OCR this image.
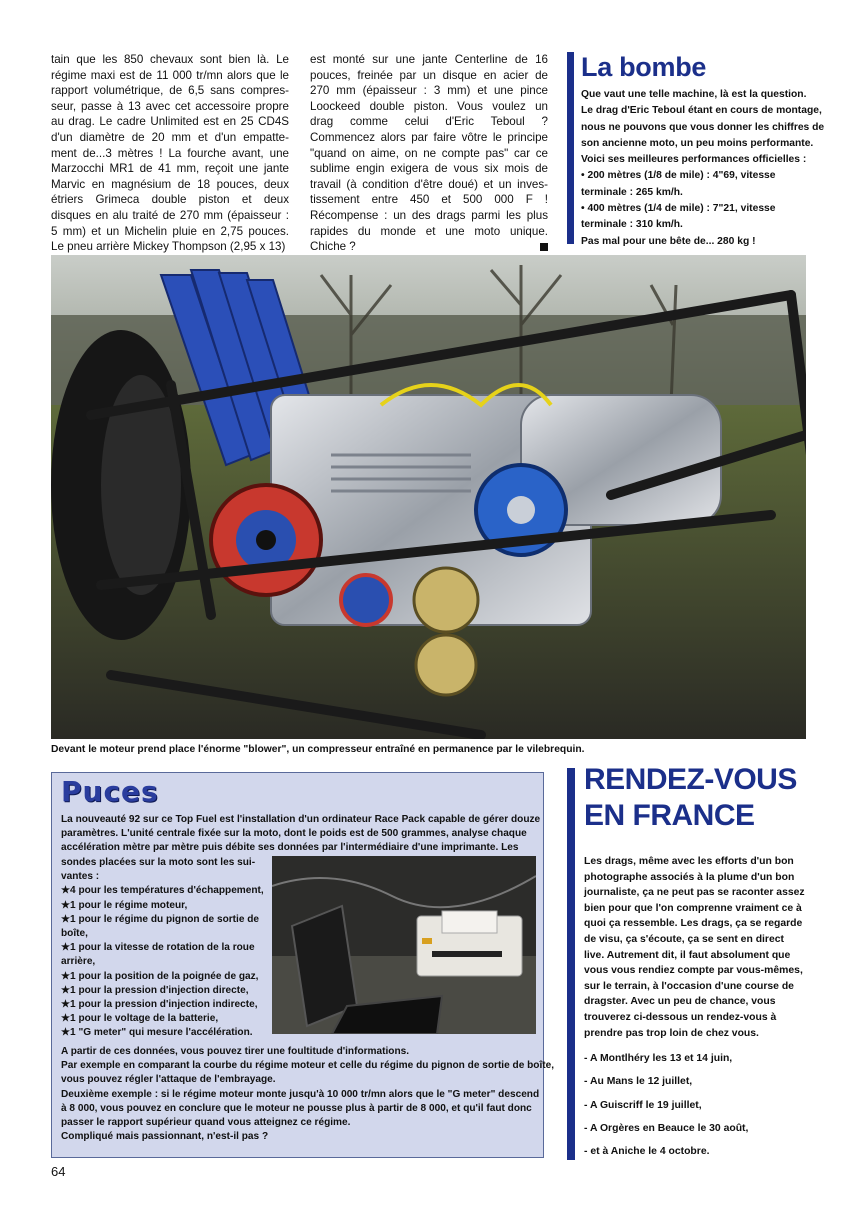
tain que les 850 chevaux sont bien là. Le
régime maxi est de 11 000 tr/mn alors que le
rapport volumétrique, de 6,5 sans compres-
seur, passe à 13 avec cet accessoire propre
au drag. Le cadre Unlimited est en 25 CD4S
d'un diamètre de 20 mm et d'un empatte-
ment de...3 mètres ! La fourche avant, une
Marzocchi MR1 de 41 mm, reçoit une jante
Marvic en magnésium de 18 pouces, deux
étriers Grimeca double piston et deux
disques en alu traité de 270 mm (épaisseur :
5 mm) et un Michelin pluie en 2,75 pouces.
Le pneu arrière Mickey Thompson (2,95 x 13)
est monté sur une jante Centerline de 16
pouces, freinée par un disque en acier de
270 mm (épaisseur : 3 mm) et une pince
Loockeed double piston. Vous voulez un
drag comme celui d'Eric Teboul ?
Commencez alors par faire vôtre le principe
"quand on aime, on ne compte pas" car ce
sublime engin exigera de vous six mois de
travail (à condition d'être doué) et un inves-
tissement entre 450 et 500 000 F !
Récompense : un des drags parmi les plus
rapides du monde et une moto unique.
Chiche ?
La bombe
Que vaut une telle machine, là est la question.
Le drag d'Eric Teboul étant en cours de montage,
nous ne pouvons que vous donner les chiffres de
son ancienne moto, un peu moins performante.
Voici ses meilleures performances officielles :
• 200 mètres (1/8 de mile) : 4"69, vitesse
terminale : 265 km/h.
• 400 mètres (1/4 de mile) : 7"21, vitesse
terminale : 310 km/h.
Pas mal pour une bête de... 280 kg !
Devant le moteur prend place l'énorme "blower", un compresseur entraîné en permanence par le vilebrequin.
Puces
La nouveauté 92 sur ce Top Fuel est l'installation d'un ordinateur Race Pack capable de gérer douze
paramètres. L'unité centrale fixée sur la moto, dont le poids est de 500 grammes, analyse chaque
accélération mètre par mètre puis débite ses données par l'intermédiaire d'une imprimante. Les
sondes placées sur la moto sont les sui-
vantes :
★4 pour les températures d'échappement,
★1 pour le régime moteur,
★1 pour le régime du pignon de sortie de
boîte,
★1 pour la vitesse de rotation de la roue
arrière,
★1 pour la position de la poignée de gaz,
★1 pour la pression d'injection directe,
★1 pour la pression d'injection indirecte,
★1 pour le voltage de la batterie,
★1 "G meter" qui mesure l'accélération.
A partir de ces données, vous pouvez tirer une foultitude d'informations.
Par exemple en comparant la courbe du régime moteur et celle du régime du pignon de sortie de boîte,
vous pouvez régler l'attaque de l'embrayage.
Deuxième exemple : si le régime moteur monte jusqu'à 10 000 tr/mn alors que le "G meter" descend
à 8 000, vous pouvez en conclure que le moteur ne pousse plus à partir de 8 000, et qu'il faut donc
passer le rapport supérieur quand vous atteignez ce régime.
Compliqué mais passionnant, n'est-il pas ?
RENDEZ-VOUS
EN FRANCE
Les drags, même avec les efforts d'un bon
photographe associés à la plume d'un bon
journaliste, ça ne peut pas se raconter assez
bien pour que l'on comprenne vraiment ce à
quoi ça ressemble. Les drags, ça se regarde
de visu, ça s'écoute, ça se sent en direct
live. Autrement dit, il faut absolument que
vous vous rendiez compte par vous-mêmes,
sur le terrain, à l'occasion d'une course de
dragster. Avec un peu de chance, vous
trouverez ci-dessous un rendez-vous à
prendre pas trop loin de chez vous.
- A Montlhéry les 13 et 14 juin,
- Au Mans le 12 juillet,
- A Guiscriff le 19 juillet,
- A Orgères en Beauce le 30 août,
- et à Aniche le 4 octobre.
64
